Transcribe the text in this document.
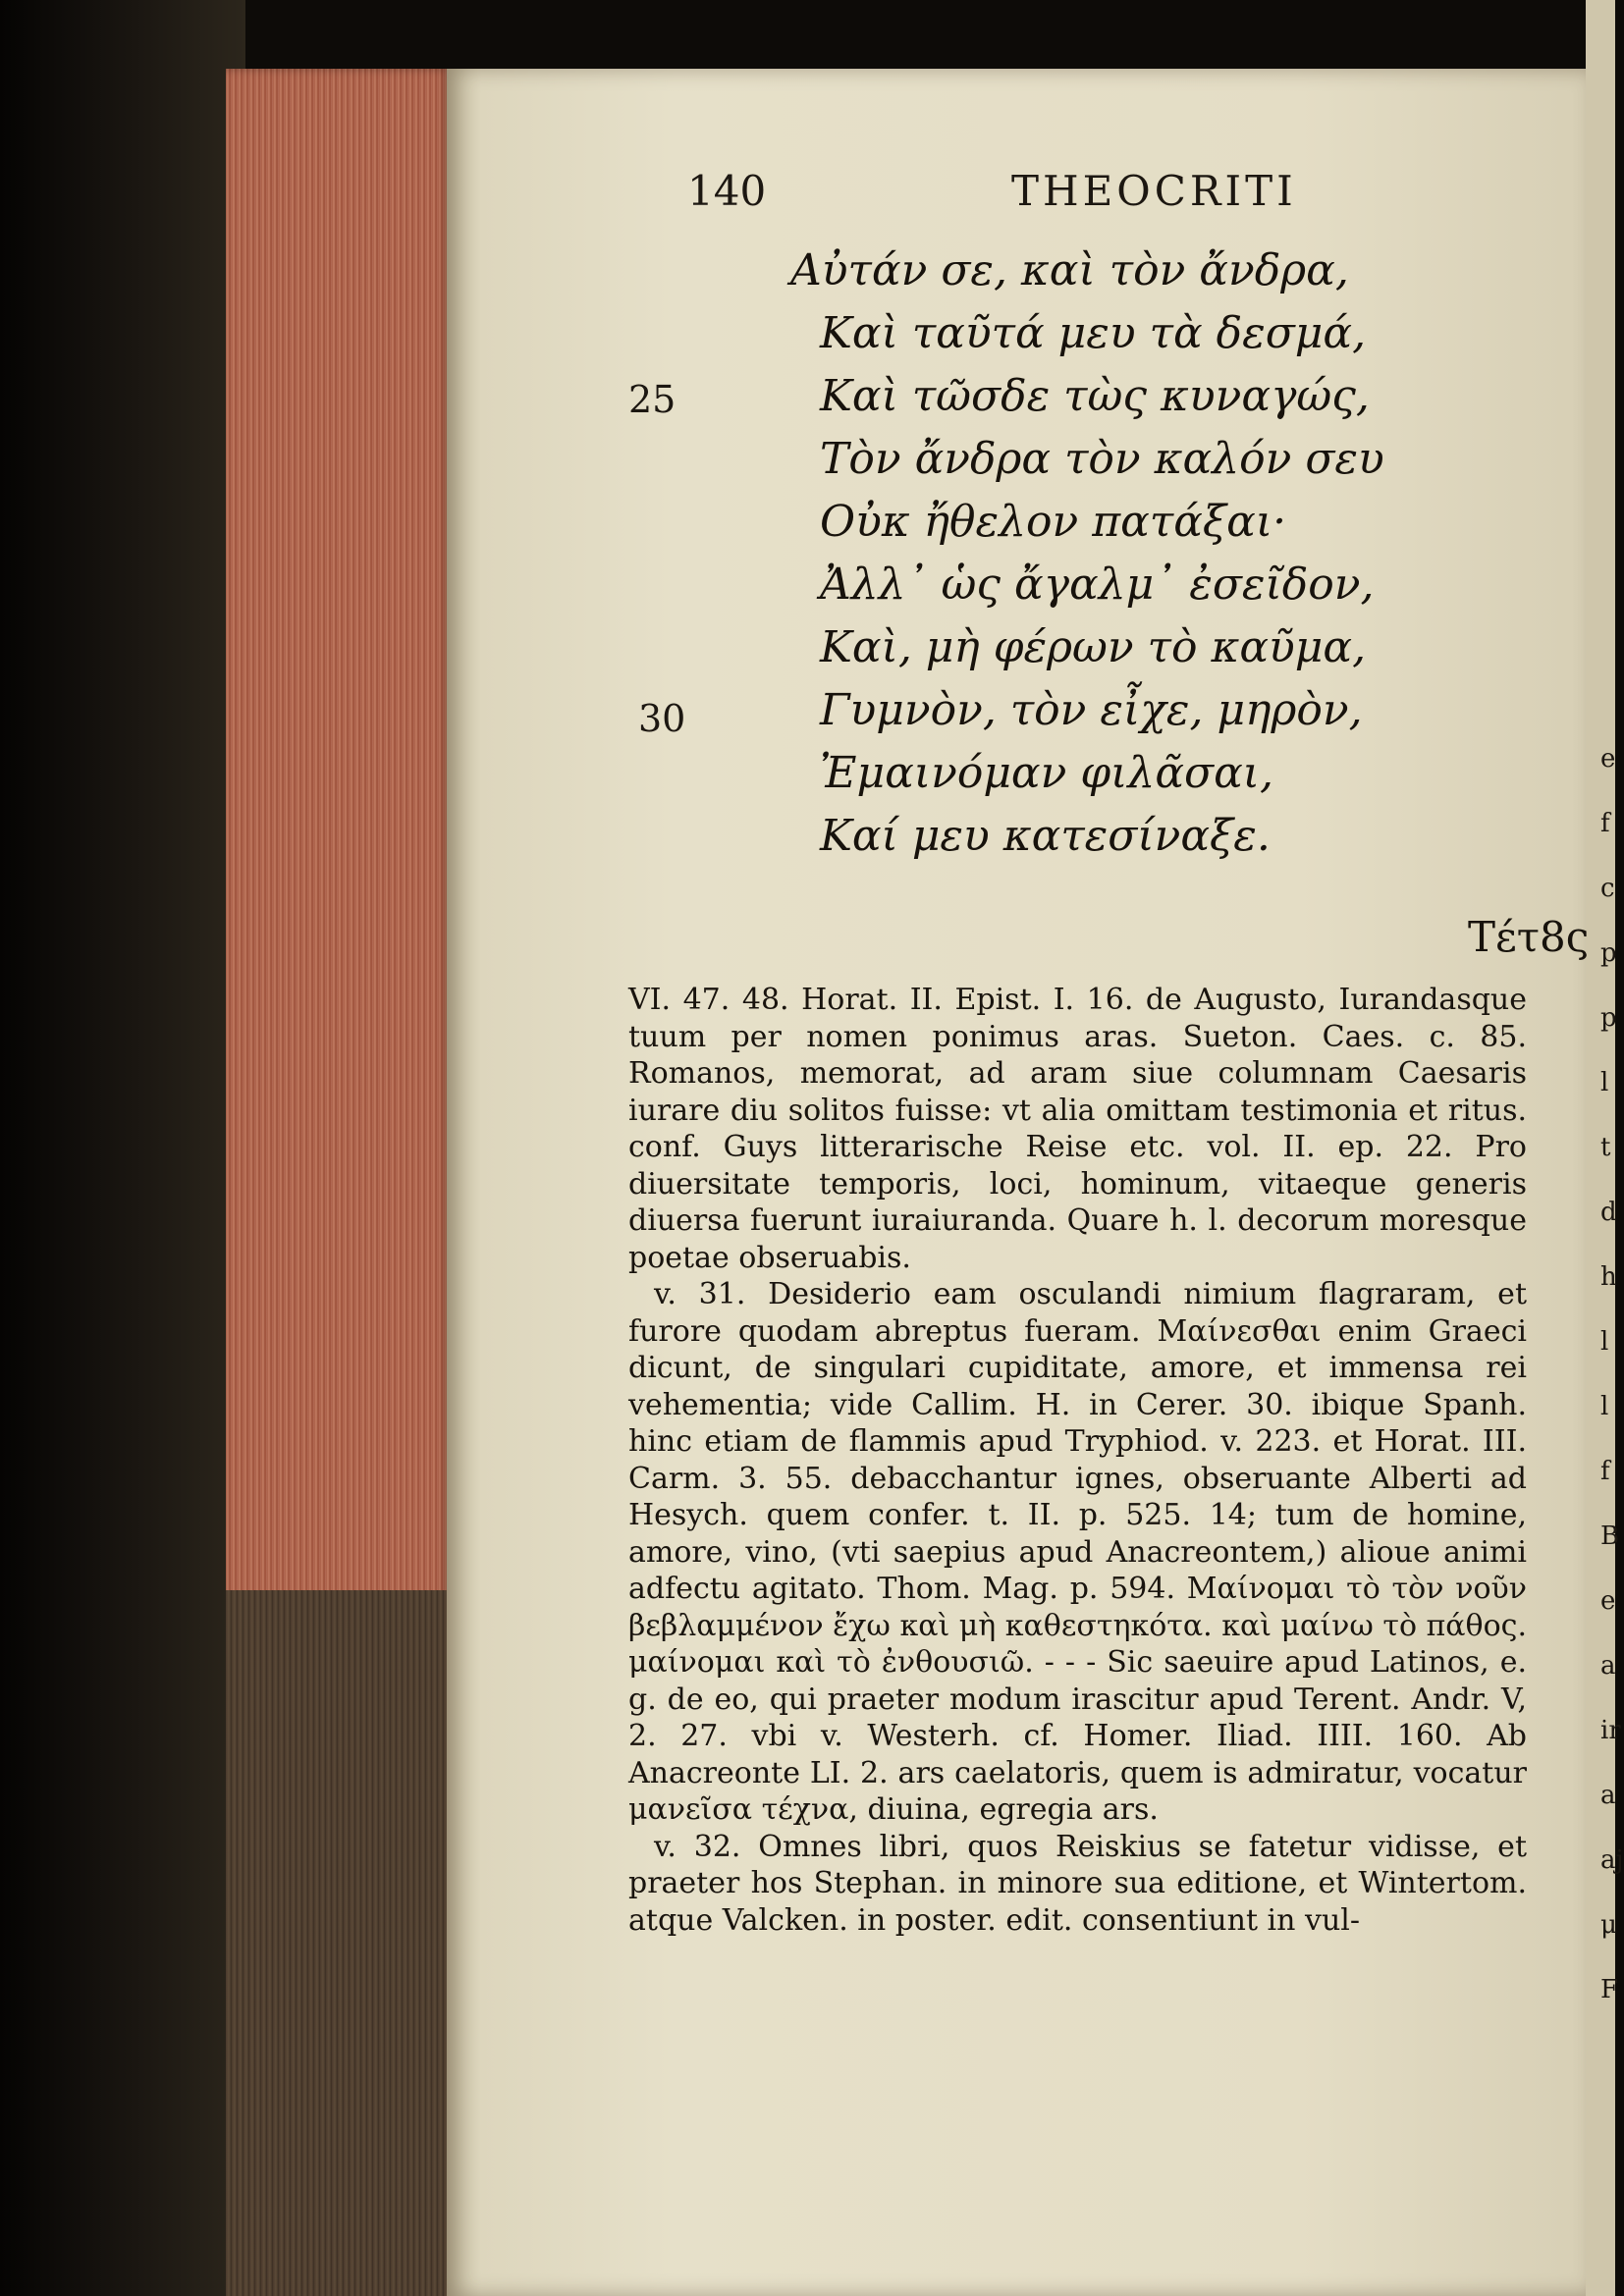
140	THEOCRITI
Αὐτάν σε, καὶ τὸν ἄνδρα,
Καὶ ταῦτά μευ τὰ δεσμά,
Καὶ τῶσδε τὼς κυναγώς,
Τὸν ἄνδρα τὸν καλόν σευ
Οὐκ ἤθελον πατάξαι·
Ἀλλ᾽ ὡς ἄγαλμ᾽ ἐσεῖδον,
Καὶ, μὴ φέρων τὸ καῦμα,
Γυμνὸν, τὸν εἶχε, μηρὸν,
Ἐμαινόμαν φιλᾶσαι,
Καί μευ κατεσίναξε.
25
30
Τέτ8ς

VI. 47. 48. Horat. II. Epist. I. 16. de Augusto, Iurandasque tuum per nomen ponimus aras. Sueton. Caes. c. 85. Romanos, memorat, ad aram siue columnam Caesaris iurare diu solitos fuisse: vt alia omittam testimonia et ritus. conf. Guys litterarische Reise etc. vol. II. ep. 22. Pro diuersitate temporis, loci, hominum, vitaeque generis diuersa fuerunt iuraiuranda. Quare h. l. decorum moresque poetae obseruabis.

v. 31. Desiderio eam osculandi nimium flagraram, et furore quodam abreptus fueram. Μαίνεσθαι enim Graeci dicunt, de singulari cupiditate, amore, et immensa rei vehementia; vide Callim. H. in Cerer. 30. ibique Spanh. hinc etiam de flammis apud Tryphiod. v. 223. et Horat. III. Carm. 3. 55. debacchantur ignes, obseruante Alberti ad Hesych. quem confer. t. II. p. 525. 14; tum de homine, amore, vino, (vti saepius apud Anacreontem,) alioue animi adfectu agitato. Thom. Mag. p. 594. Μαίνομαι τὸ τὸν νοῦν βεβλαμμένον ἔχω καὶ μὴ καθεστηκότα. καὶ μαίνω τὸ πάθος. μαίνομαι καὶ τὸ ἐνθουσιῶ. - - - Sic saeuire apud Latinos, e. g. de eo, qui praeter modum irascitur apud Terent. Andr. V, 2. 27. vbi v. Westerh. cf. Homer. Iliad. IIII. 160. Ab Anacreonte LI. 2. ars caelatoris, quem is admiratur, vocatur μανεῖσα τέχνα, diuina, egregia ars.

v. 32. Omnes libri, quos Reiskius se fatetur vidisse, et praeter hos Stephan. in minore sua editione, et Wintertom. atque Valcken. in poster. edit. consentiunt in vul-

e
f
c
p
p
l
t
d
h
l
l
f
B
e
a
ir
a
aj
μ
F
